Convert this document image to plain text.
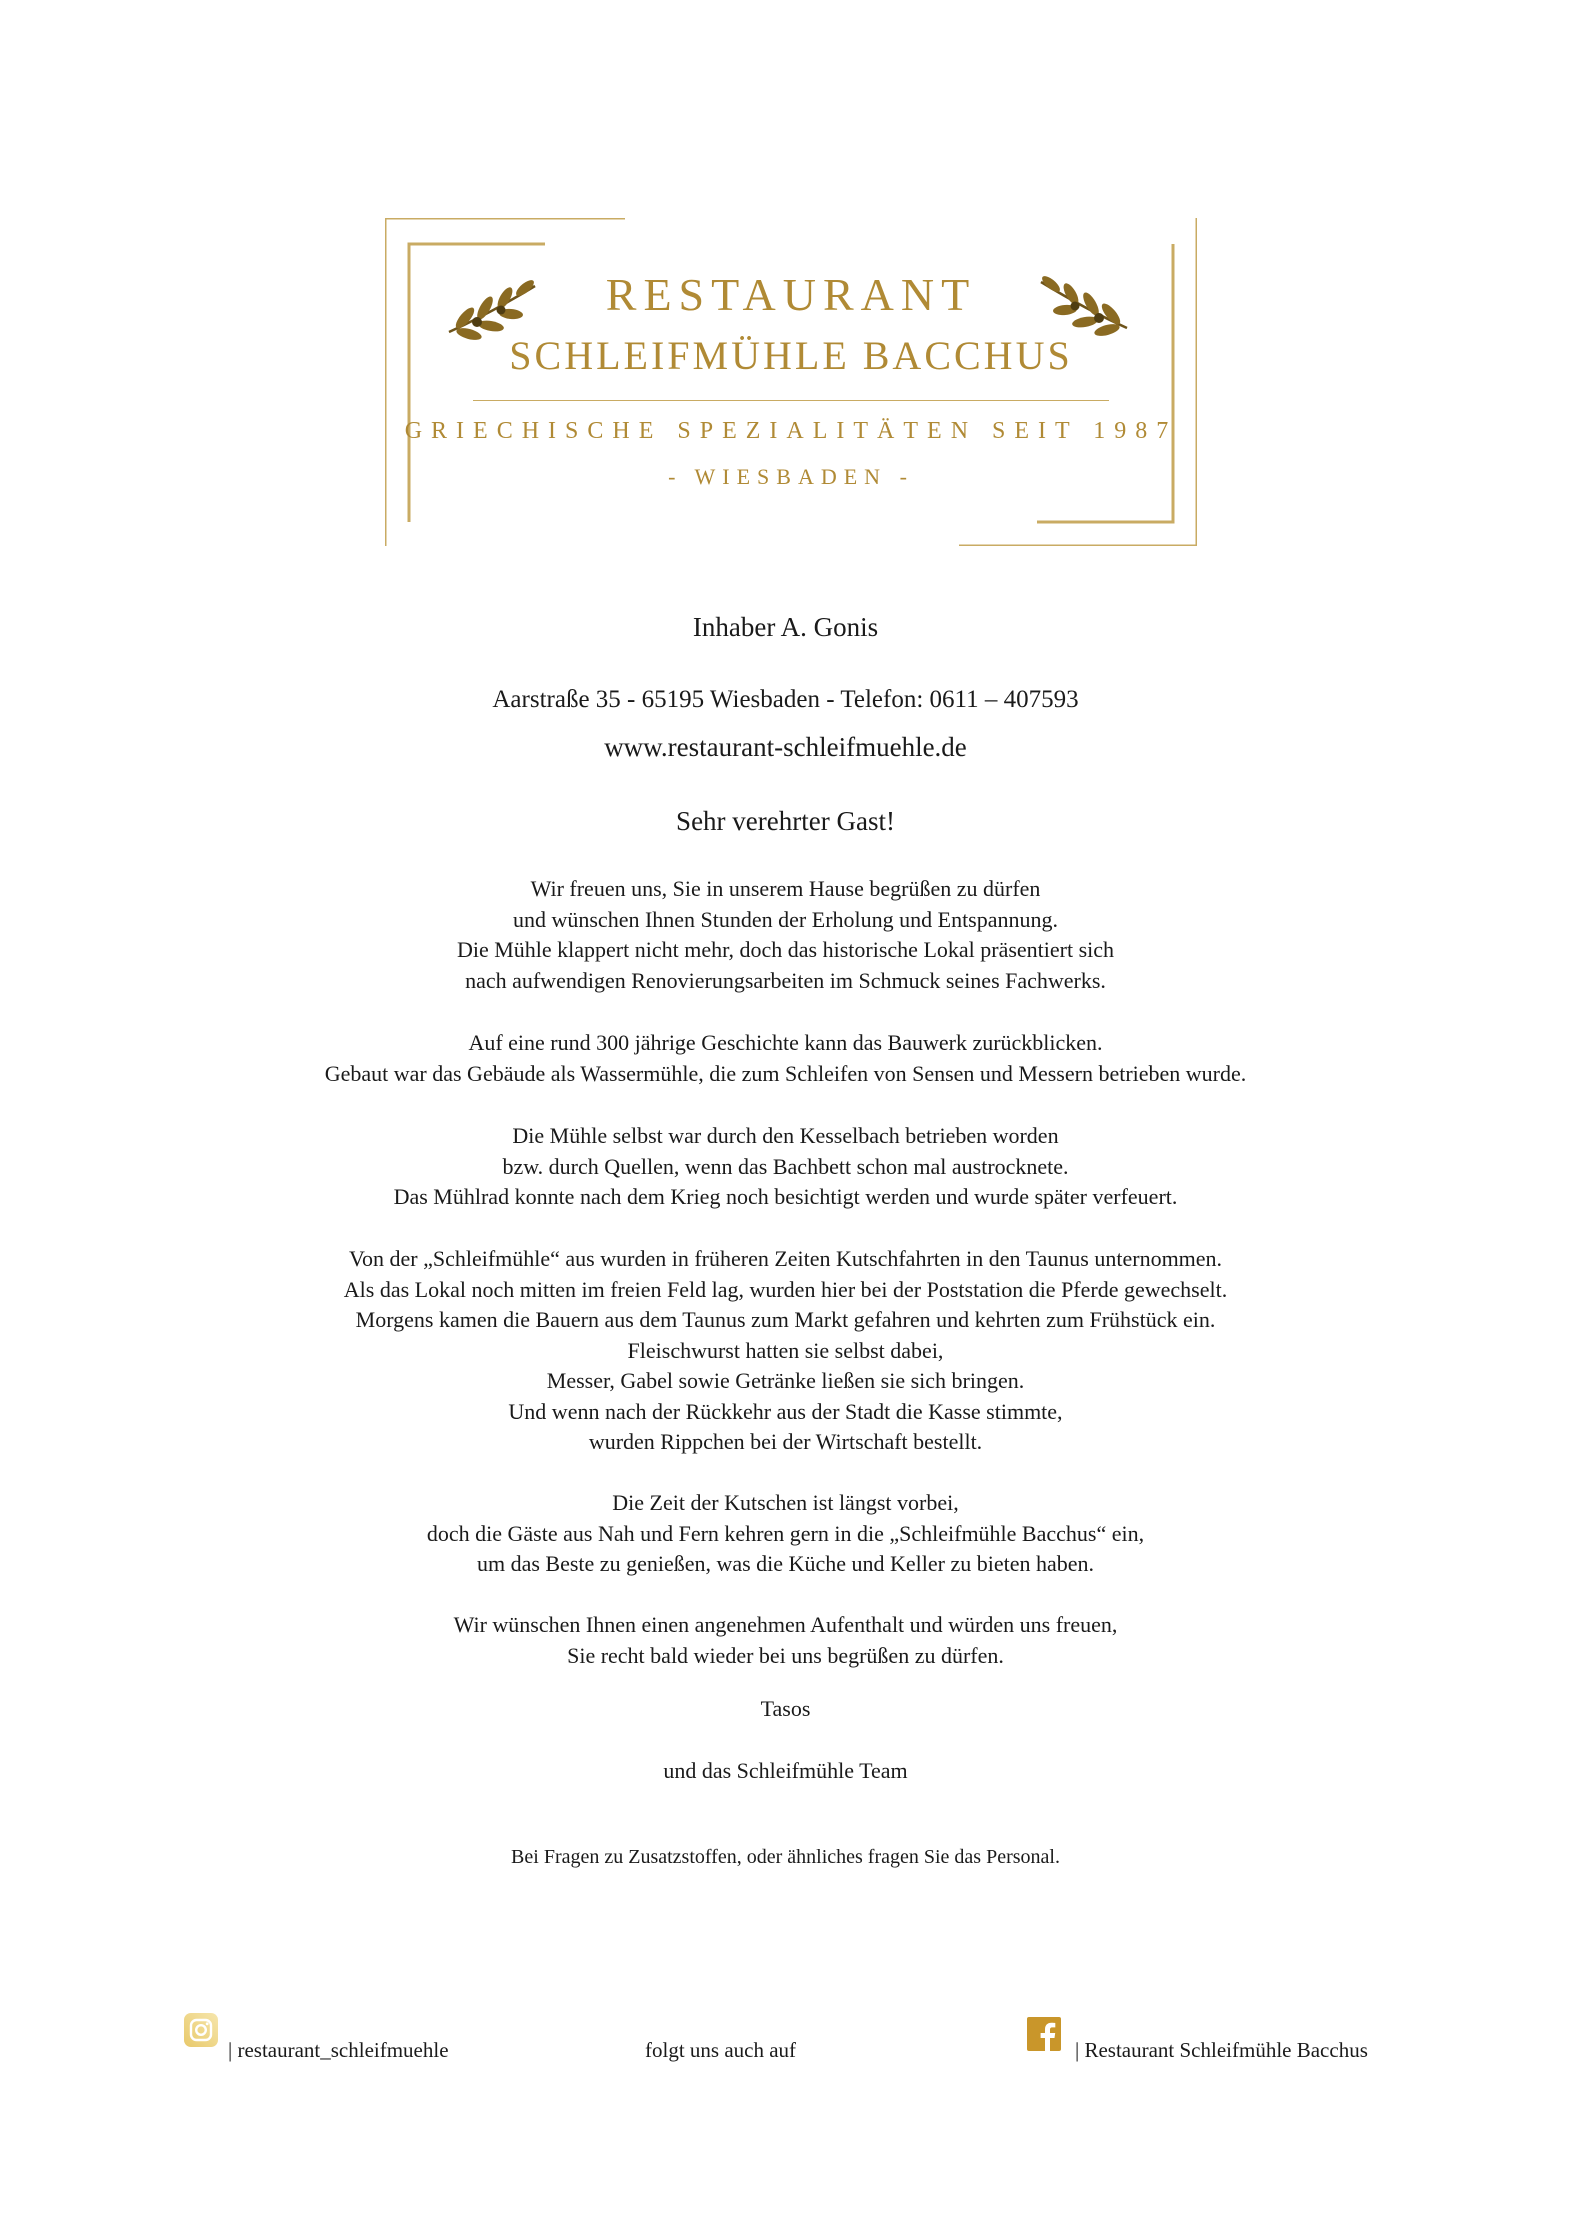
RESTAURANT
SCHLEIFMÜHLE BACCHUS
GRIECHISCHE SPEZIALITÄTEN SEIT 1987
- WIESBADEN -
Inhaber A. Gonis
Aarstraße 35 - 65195 Wiesbaden - Telefon: 0611 – 407593
www.restaurant-schleifmuehle.de
Sehr verehrter Gast!
Wir freuen uns, Sie in unserem Hause begrüßen zu dürfen
und wünschen Ihnen Stunden der Erholung und Entspannung.
Die Mühle klappert nicht mehr, doch das historische Lokal präsentiert sich
nach aufwendigen Renovierungsarbeiten im Schmuck seines Fachwerks.
Auf eine rund 300 jährige Geschichte kann das Bauwerk zurückblicken.
Gebaut war das Gebäude als Wassermühle, die zum Schleifen von Sensen und Messern betrieben wurde.
Die Mühle selbst war durch den Kesselbach betrieben worden
bzw. durch Quellen, wenn das Bachbett schon mal austrocknete.
Das Mühlrad konnte nach dem Krieg noch besichtigt werden und wurde später verfeuert.
Von der „Schleifmühle“ aus wurden in früheren Zeiten Kutschfahrten in den Taunus unternommen.
Als das Lokal noch mitten im freien Feld lag, wurden hier bei der Poststation die Pferde gewechselt.
Morgens kamen die Bauern aus dem Taunus zum Markt gefahren und kehrten zum Frühstück ein.
Fleischwurst hatten sie selbst dabei,
Messer, Gabel sowie Getränke ließen sie sich bringen.
Und wenn nach der Rückkehr aus der Stadt die Kasse stimmte,
wurden Rippchen bei der Wirtschaft bestellt.
Die Zeit der Kutschen ist längst vorbei,
doch die Gäste aus Nah und Fern kehren gern in die „Schleifmühle Bacchus“ ein,
um das Beste zu genießen, was die Küche und Keller zu bieten haben.
Wir wünschen Ihnen einen angenehmen Aufenthalt und würden uns freuen,
Sie recht bald wieder bei uns begrüßen zu dürfen.
Tasos
und das Schleifmühle Team
Bei Fragen zu Zusatzstoffen, oder ähnliches fragen Sie das Personal.
| restaurant_schleifmuehle	folgt uns auch auf	| Restaurant Schleifmühle Bacchus
